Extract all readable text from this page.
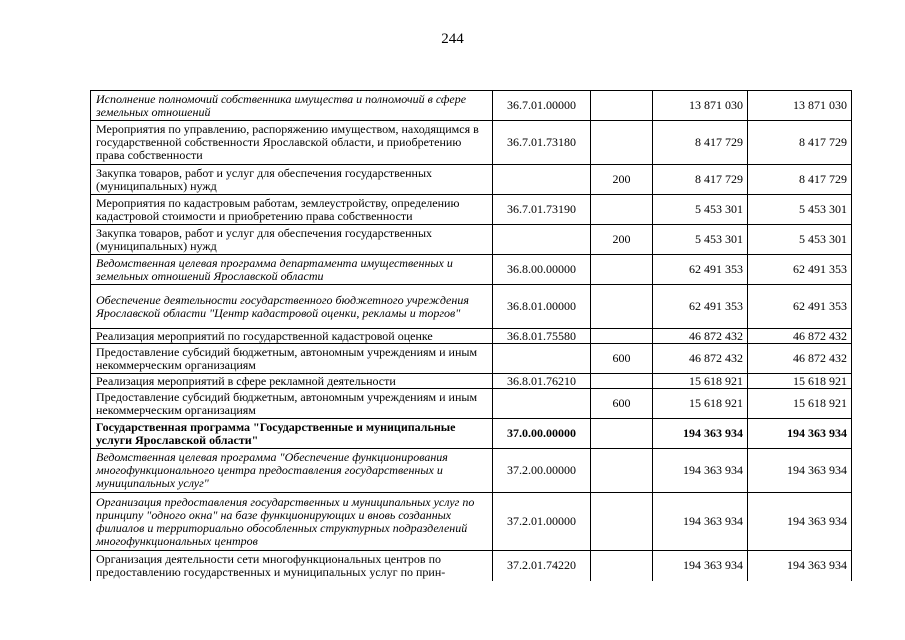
244
Исполнение полномочий собственника имущества и полномочий в сфере земельных отношений	36.7.01.00000		13 871 030	13 871 030
Мероприятия по управлению, распоряжению имуществом, находящимся в государственной собственности Ярославской области, и приобретению права собственности	36.7.01.73180		8 417 729	8 417 729
Закупка товаров, работ и услуг для обеспечения государственных (муниципальных) нужд		200	8 417 729	8 417 729
Мероприятия по кадастровым работам, землеустройству, определению кадастровой стоимости и приобретению права собственности	36.7.01.73190		5 453 301	5 453 301
Закупка товаров, работ и услуг для обеспечения государственных (муниципальных) нужд		200	5 453 301	5 453 301
Ведомственная целевая программа департамента имущественных и земельных отношений Ярославской области	36.8.00.00000		62 491 353	62 491 353
Обеспечение деятельности государственного бюджетного учреждения Ярославской области "Центр кадастровой оценки, рекламы и торгов"	36.8.01.00000		62 491 353	62 491 353
Реализация мероприятий по государственной кадастровой оценке	36.8.01.75580		46 872 432	46 872 432
Предоставление субсидий бюджетным, автономным учреждениям и иным некоммерческим организациям		600	46 872 432	46 872 432
Реализация мероприятий в сфере рекламной деятельности	36.8.01.76210		15 618 921	15 618 921
Предоставление субсидий бюджетным, автономным учреждениям и иным некоммерческим организациям		600	15 618 921	15 618 921
Государственная программа "Государственные и муниципальные услуги Ярославской области"	37.0.00.00000		194 363 934	194 363 934
Ведомственная целевая программа "Обеспечение функционирования многофункционального центра предоставления государственных и муниципальных услуг"	37.2.00.00000		194 363 934	194 363 934
Организация предоставления государственных и муниципальных услуг по принципу "одного окна" на базе функционирующих и вновь созданных филиалов и территориально обособленных структурных подразделений многофункциональных центров	37.2.01.00000		194 363 934	194 363 934
Организация деятельности сети многофункциональных центров по предоставлению государственных и муниципальных услуг по прин-	37.2.01.74220		194 363 934	194 363 934
